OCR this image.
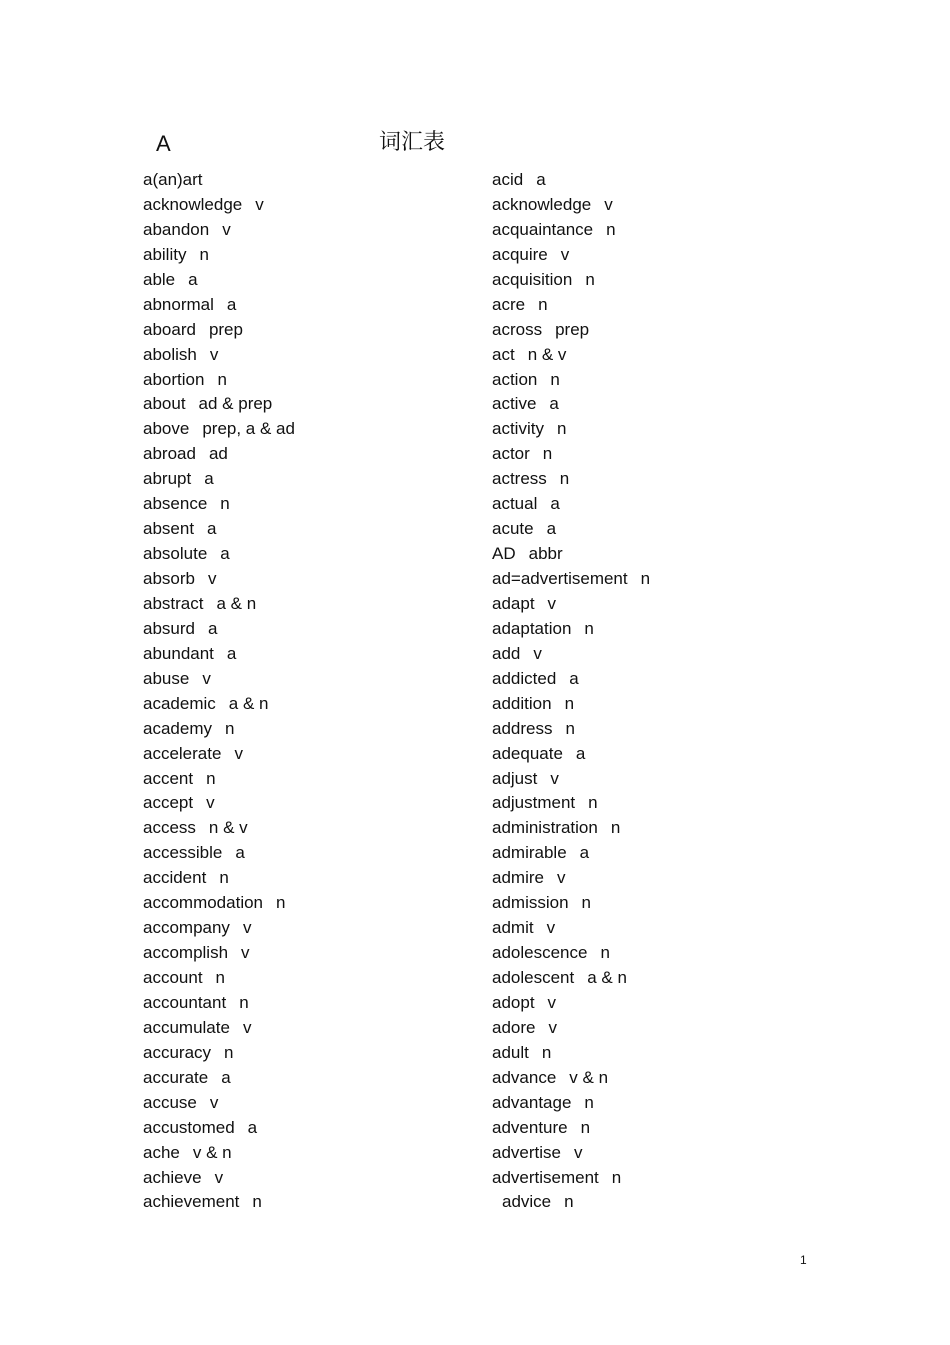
A	词汇表
a(an)art
acknowledge v
abandon v
ability n
able a
abnormal a
aboard prep
abolish v
abortion n
about ad & prep
above prep, a & ad
abroad ad
abrupt a
absence n
absent a
absolute a
absorb v
abstract a & n
absurd a
abundant a
abuse v
academic a & n
academy n
accelerate v
accent n
accept v
access n & v
accessible a
accident n
accommodation n
accompany v
accomplish v
account n
accountant n
accumulate v
accuracy n
accurate a
accuse v
accustomed a
ache v & n
achieve v
achievement n
acid a
acknowledge v
acquaintance n
acquire v
acquisition n
acre n
across prep
act n & v
action n
active a
activity n
actor n
actress n
actual a
acute a
AD abbr
ad=advertisement n
adapt v
adaptation n
add v
addicted a
addition n
address n
adequate a
adjust v
adjustment n
administration n
admirable a
admire v
admission n
admit v
adolescence n
adolescent a & n
adopt v
adore v
adult n
advance v & n
advantage n
adventure n
advertise v
advertisement n
advice n
1
